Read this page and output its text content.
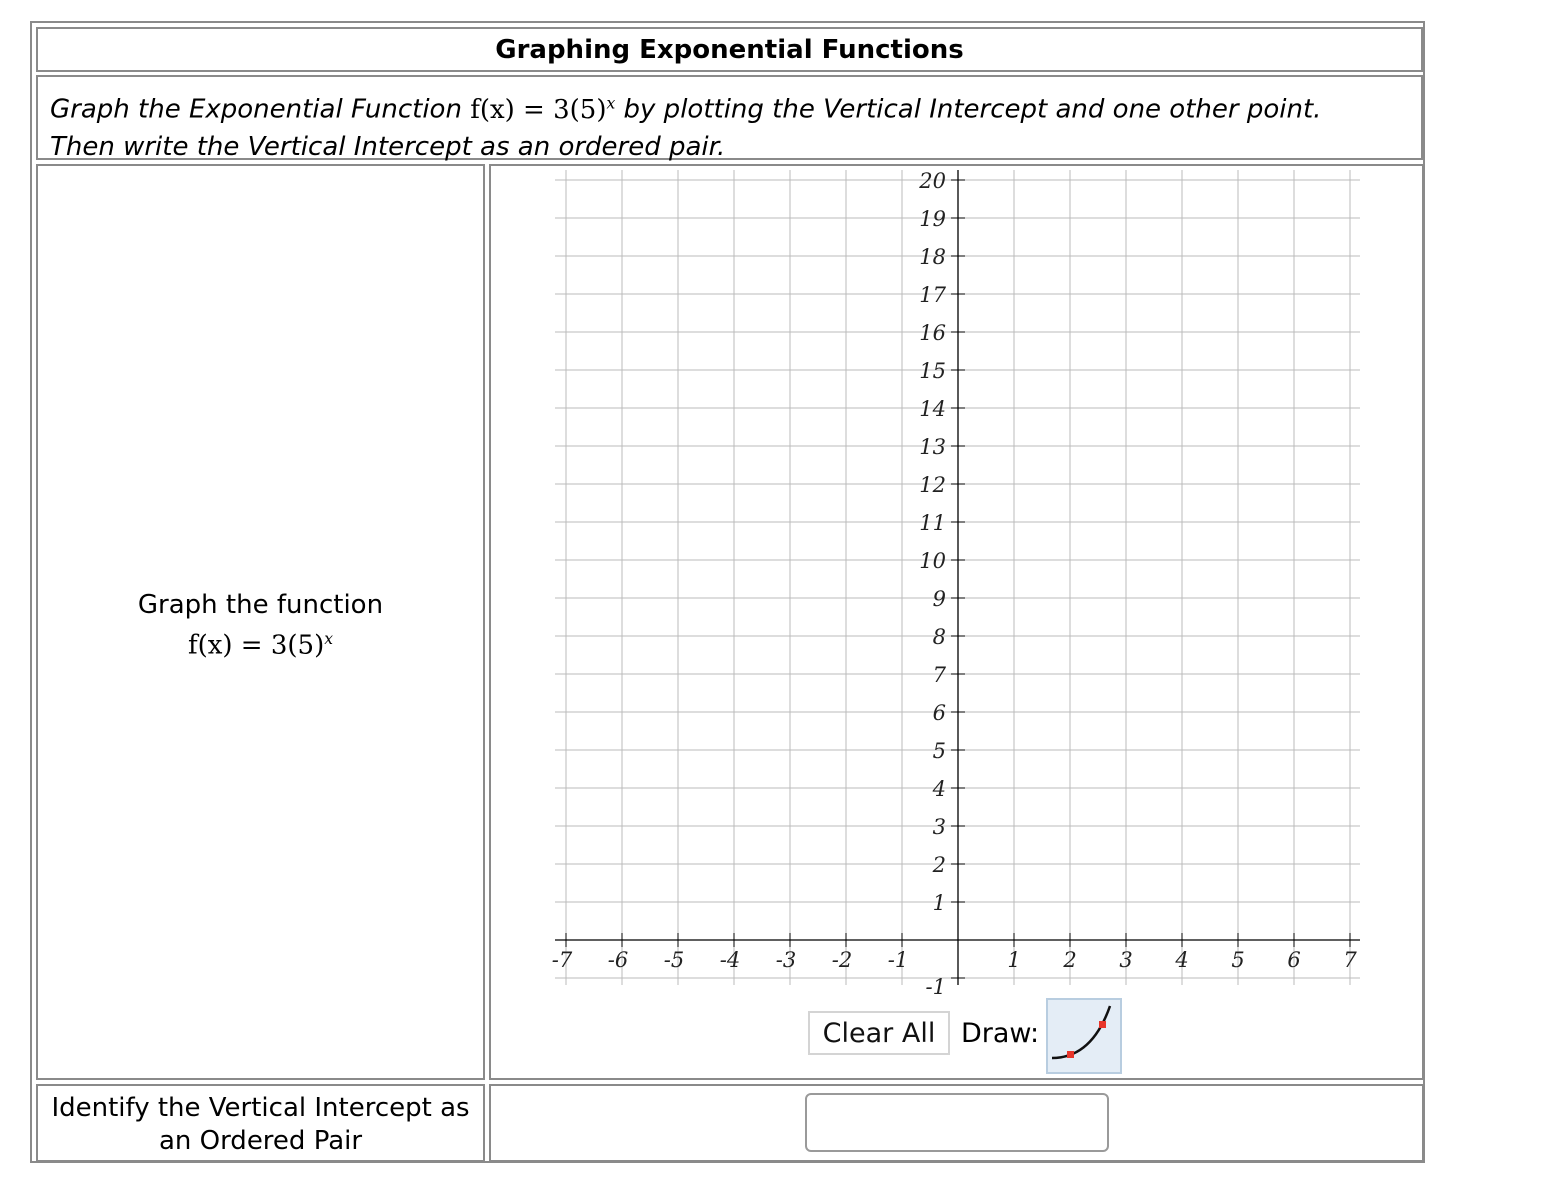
Graphing Exponential Functions
Graph the Exponential Function $f(x) = 3(5)^x$ by plotting the Vertical Intercept and one other point.
Then write the Vertical Intercept as an ordered pair.
Graph the function
$f(x) = 3(5)^x$
-7 -6 -5 -4 -3 -2 -1	1 2 3 4 5 6 7
20
19
18
17
16
15
14
13
12
11
10
9
8
7
6
5
4
3
2
1
-1
Clear All Draw:
Identify the Vertical Intercept as
an Ordered Pair
